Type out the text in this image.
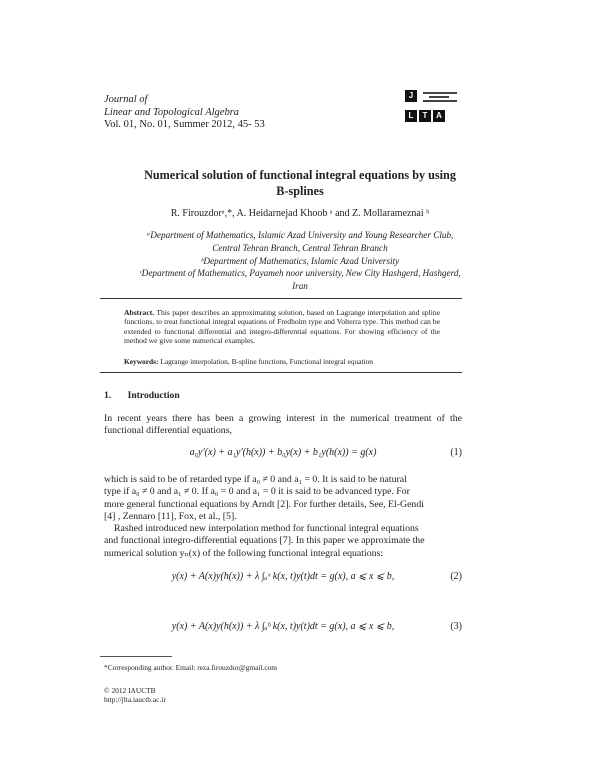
Journal of
Linear and Topological Algebra
Vol. 01, No. 01, Summer 2012, 45- 53
J
L	T	A
Numerical solution of functional integral equations by using
B-splines
R. Firouzdorᵃ,*, A. Heidarnejad Khoob ᵃ and Z. Mollarameznai ᵇ
ᵃDepartment of Mathematics, Islamic Azad University and Young Researcher Club,
Central Tehran Branch, Central Tehran Branch
ᵇDepartment of Mathematics, Islamic Azad University
ᶜDepartment of Mathematics, Payameh noor university, New City Hashgerd, Hashgerd,
Iran
Abstract. This paper describes an approximating solution, based on Lagrange interpolation and spline functions, to treat functional integral equations of Fredholm type and Volterra type. This method can be extended to functional differential and integro-differential equations. For showing efficiency of the method we give some numerical examples.
Keywords: Lagrange interpolation, B-spline functions, Functional integral equation
1. Introduction
In recent years there has been a growing interest in the numerical treatment of the functional differential equations,
a₀y′(x) + a₁y′(h(x)) + b₀y(x) + b₁y(h(x)) = g(x)	(1)
which is said to be of retarded type if a₀ ≠ 0 and a₁ = 0. It is said to be natural
type if a₀ ≠ 0 and a₁ ≠ 0. If a₀ = 0 and a₁ = 0 it is said to be advanced type. For
more general functional equations by Arndt [2]. For further details, See, El-Gendi
[4] , Zennaro [11], Fox, et al., [5].
Rashed introduced new interpolation method for functional integral equations
and functional integro-differential equations [7]. In this paper we approximate the
numerical solution yₙ(x) of the following functional integral equations:
y(x) + A(x)y(h(x)) + λ ∫ₐˣ k(x, t)y(t)dt = g(x), a ⩽ x ⩽ b,	(2)
y(x) + A(x)y(h(x)) + λ ∫ₐᵇ k(x, t)y(t)dt = g(x), a ⩽ x ⩽ b,	(3)
*Corresponding author. Email: reza.firouzdor@gmail.com
© 2012 IAUCTB
http://jlta.iauctb.ac.ir
